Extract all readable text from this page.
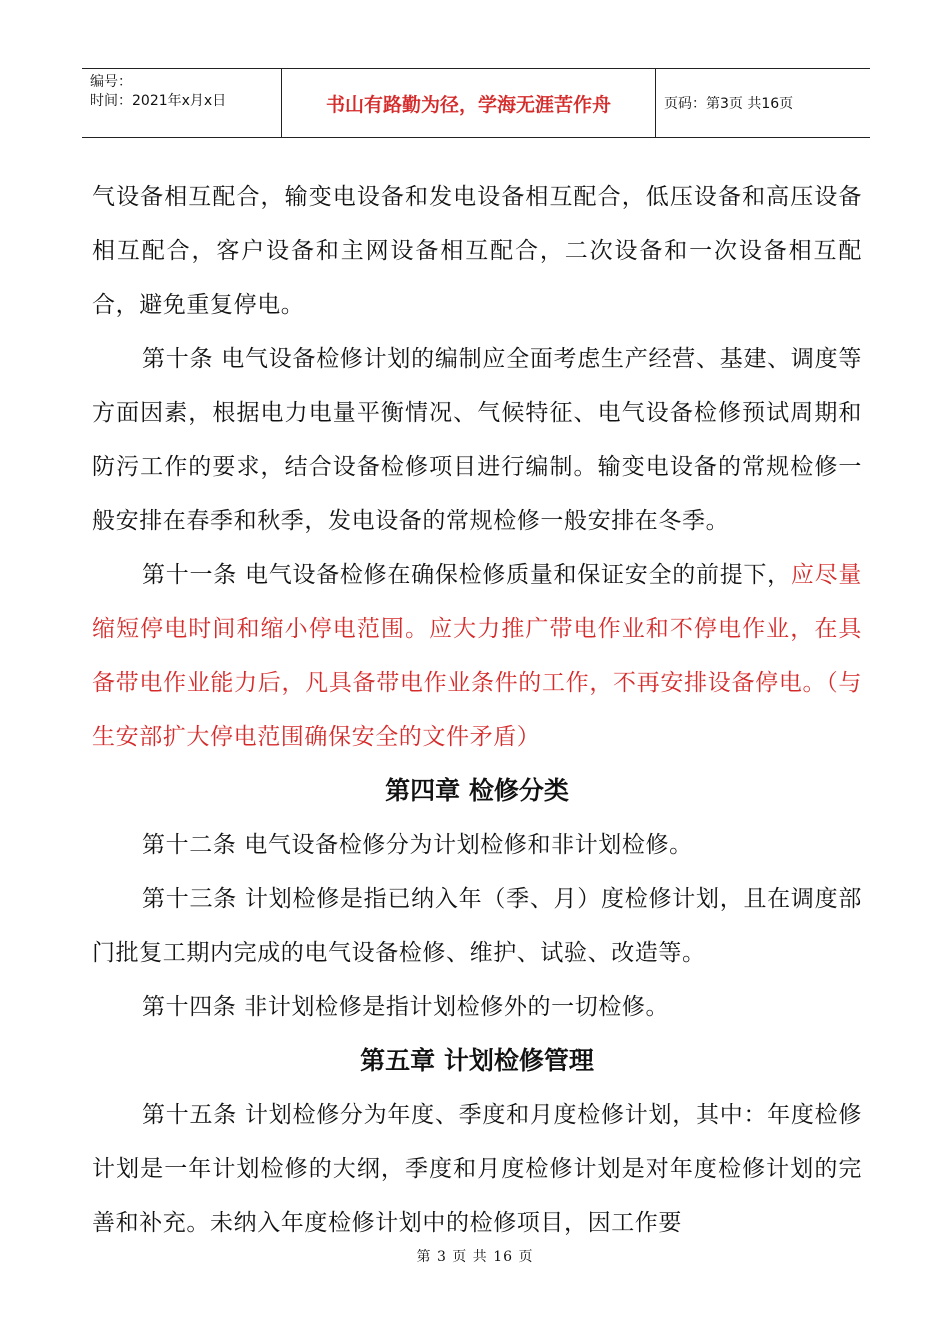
编号：
时间：2021年x月x日	书山有路勤为径，学海无涯苦作舟	页码：第3页 共16页

气设备相互配合，输变电设备和发电设备相互配合，低压设备和高压设备相互配合，客户设备和主网设备相互配合，二次设备和一次设备相互配合，避免重复停电。

第十条 电气设备检修计划的编制应全面考虑生产经营、基建、调度等方面因素，根据电力电量平衡情况、气候特征、电气设备检修预试周期和防污工作的要求，结合设备检修项目进行编制。输变电设备的常规检修一般安排在春季和秋季，发电设备的常规检修一般安排在冬季。

第十一条 电气设备检修在确保检修质量和保证安全的前提下，应尽量缩短停电时间和缩小停电范围。应大力推广带电作业和不停电作业，在具备带电作业能力后，凡具备带电作业条件的工作，不再安排设备停电。（与生安部扩大停电范围确保安全的文件矛盾）

第四章 检修分类

第十二条 电气设备检修分为计划检修和非计划检修。

第十三条 计划检修是指已纳入年（季、月）度检修计划，且在调度部门批复工期内完成的电气设备检修、维护、试验、改造等。

第十四条 非计划检修是指计划检修外的一切检修。

第五章 计划检修管理

第十五条 计划检修分为年度、季度和月度检修计划，其中：年度检修计划是一年计划检修的大纲，季度和月度检修计划是对年度检修计划的完善和补充。未纳入年度检修计划中的检修项目，因工作要

第 3 页 共 16 页
